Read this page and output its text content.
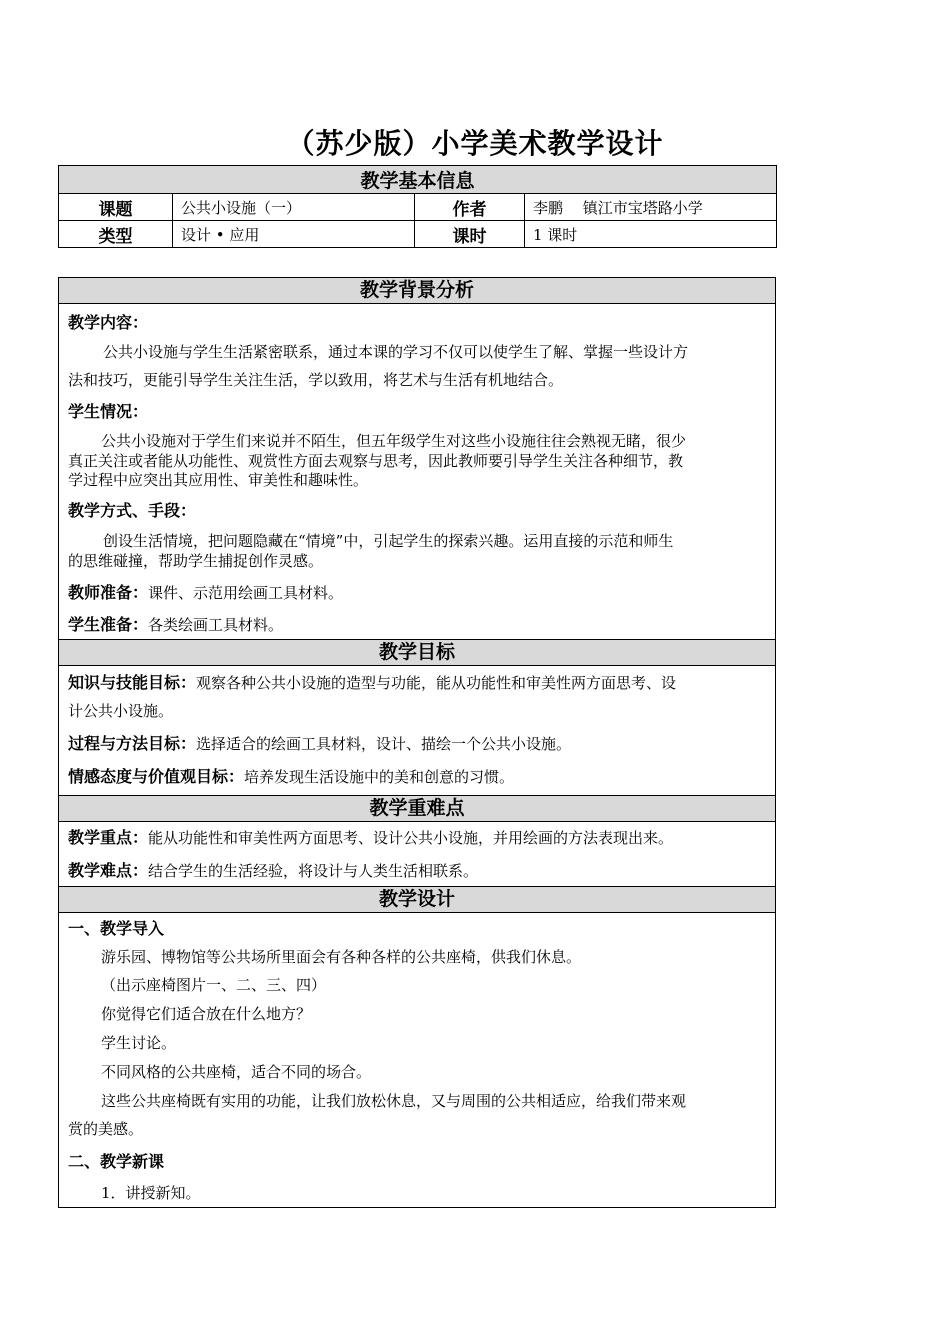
（苏少版）小学美术教学设计
教学基本信息			
课题	公共小设施（一）	作者	李鹏　 镇江市宝塔路小学
类型	设计 • 应用	课时	1 课时
教学背景分析
教学内容：
公共小设施与学生生活紧密联系，通过本课的学习不仅可以使学生了解、掌握一些设计方
法和技巧，更能引导学生关注生活，学以致用，将艺术与生活有机地结合。
学生情况：
公共小设施对于学生们来说并不陌生，但五年级学生对这些小设施往往会熟视无睹，很少
真正关注或者能从功能性、观赏性方面去观察与思考，因此教师要引导学生关注各种细节，教
学过程中应突出其应用性、审美性和趣味性。
教学方式、手段：
创设生活情境，把问题隐藏在“情境”中，引起学生的探索兴趣。运用直接的示范和师生
的思维碰撞，帮助学生捕捉创作灵感。
教师准备：课件、示范用绘画工具材料。
学生准备：各类绘画工具材料。
教学目标
知识与技能目标：观察各种公共小设施的造型与功能，能从功能性和审美性两方面思考、设
计公共小设施。
过程与方法目标：选择适合的绘画工具材料，设计、描绘一个公共小设施。
情感态度与价值观目标：培养发现生活设施中的美和创意的习惯。
教学重难点
教学重点：能从功能性和审美性两方面思考、设计公共小设施，并用绘画的方法表现出来。
教学难点：结合学生的生活经验，将设计与人类生活相联系。
教学设计
一、教学导入
游乐园、博物馆等公共场所里面会有各种各样的公共座椅，供我们休息。
（出示座椅图片一、二、三、四）
你觉得它们适合放在什么地方？
学生讨论。
不同风格的公共座椅，适合不同的场合。
这些公共座椅既有实用的功能，让我们放松休息，又与周围的公共相适应，给我们带来观
赏的美感。
二、教学新课
1．讲授新知。
